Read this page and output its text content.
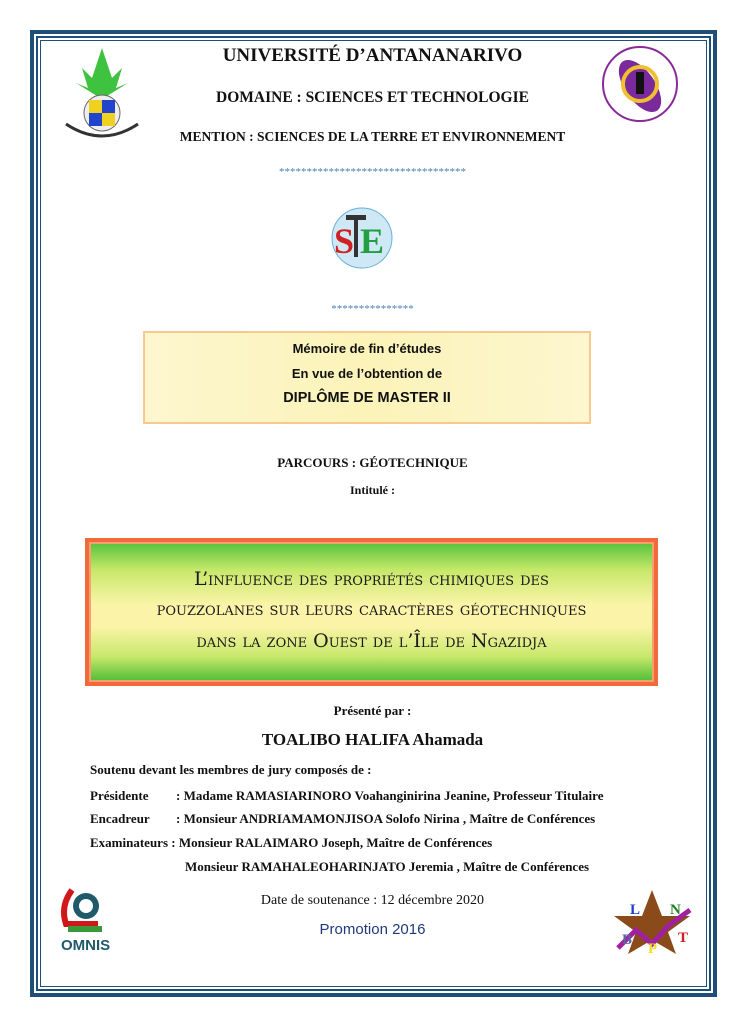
UNIVERSITÉ D’ANTANANARIVO
DOMAINE : SCIENCES ET TECHNOLOGIE
MENTION : SCIENCES DE LA TERRE ET ENVIRONNEMENT
**********************************
S E
***************
Mémoire de fin d’études
En vue de l’obtention de
DIPLÔME DE MASTER II
PARCOURS : GÉOTECHNIQUE
Intitulé :
L’influence des propriétés chimiques des
pouzzolanes sur leurs caractères géotechniques
dans la zone Ouest de l’Île de Ngazidja
Présenté par :
TOALIBO HALIFA Ahamada
Soutenu devant les membres de jury composés de :
Présidente : Madame RAMASIARINORO Voahanginirina Jeanine, Professeur Titulaire
Encadreur : Monsieur ANDRIAMAMONJISOA Solofo Nirina , Maître de Conférences
Examinateurs : Monsieur RALAIMARO Joseph, Maître de Conférences
Monsieur RAMAHALEOHARINJATO Jeremia , Maître de Conférences
OMNIS
Date de soutenance : 12 décembre 2020
Promotion 2016
L N
B
P
T
